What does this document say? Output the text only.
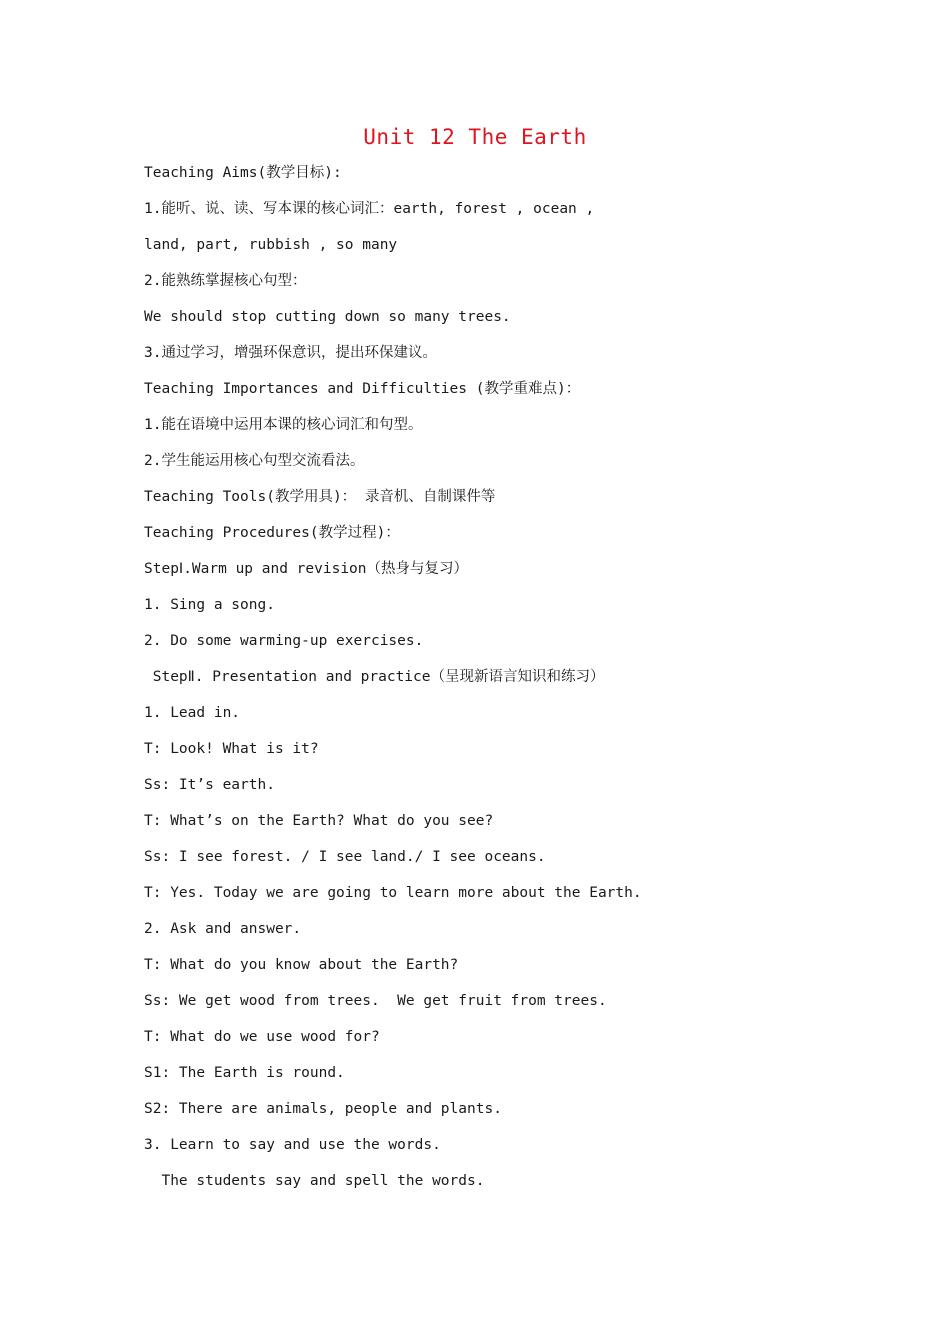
Unit 12 The Earth

Teaching Aims(教学目标):

1.能听、说、读、写本课的核心词汇：earth, forest , ocean ,

land, part, rubbish , so many

2.能熟练掌握核心句型：

We should stop cutting down so many trees.

3.通过学习，增强环保意识，提出环保建议。

Teaching Importances and Difficulties (教学重难点)：

1.能在语境中运用本课的核心词汇和句型。

2.学生能运用核心句型交流看法。

Teaching Tools(教学用具)： 录音机、自制课件等

Teaching Procedures(教学过程)：

StepⅠ.Warm up and revision（热身与复习）

1. Sing a song.

2. Do some warming-up exercises.

StepⅡ. Presentation and practice（呈现新语言知识和练习）

1. Lead in.

T: Look! What is it?

Ss: It’s earth.

T: What’s on the Earth? What do you see?

Ss: I see forest. / I see land./ I see oceans.

T: Yes. Today we are going to learn more about the Earth.

2. Ask and answer.

T: What do you know about the Earth?

Ss: We get wood from trees.  We get fruit from trees.

T: What do we use wood for?

S1: The Earth is round.

S2: There are animals, people and plants.

3. Learn to say and use the words.

The students say and spell the words.
